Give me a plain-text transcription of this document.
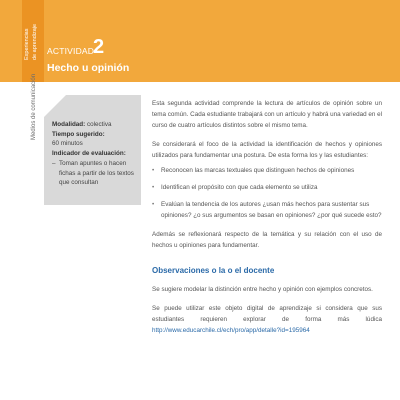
Experiencias de aprendizaje
Medios de comunicación
ACTIVIDAD
2
Hecho u opinión
Modalidad: colectiva
Tiempo sugerido:
60 minutos
Indicador de evaluación:
– Toman apuntes o hacen fichas a partir de los textos que consultan

Esta segunda actividad comprende la lectura de artículos de opinión sobre un tema común. Cada estudiante trabajará con un artículo y habrá una variedad en el curso de cuatro artículos distintos sobre el mismo tema.

Se considerará el foco de la actividad la identificación de hechos y opiniones utilizados para fundamentar una postura. De esta forma los y las estudiantes:

• Reconocen las marcas textuales que distinguen hechos de opiniones
• Identifican el propósito con que cada elemento se utiliza
• Evalúan la tendencia de los autores ¿usan más hechos para sustentar sus opiniones? ¿o sus argumentos se basan en opiniones? ¿por qué sucede esto?

Además se reflexionará respecto de la temática y su relación con el uso de hechos u opiniones para fundamentar.

Observaciones o la o el docente

Se sugiere modelar la distinción entre hecho y opinión con ejemplos concretos.

Se puede utilizar este objeto digital de aprendizaje si considera que sus estudiantes requieren explorar de forma más lúdica http://www.educarchile.cl/ech/pro/app/detalle?id=195964
